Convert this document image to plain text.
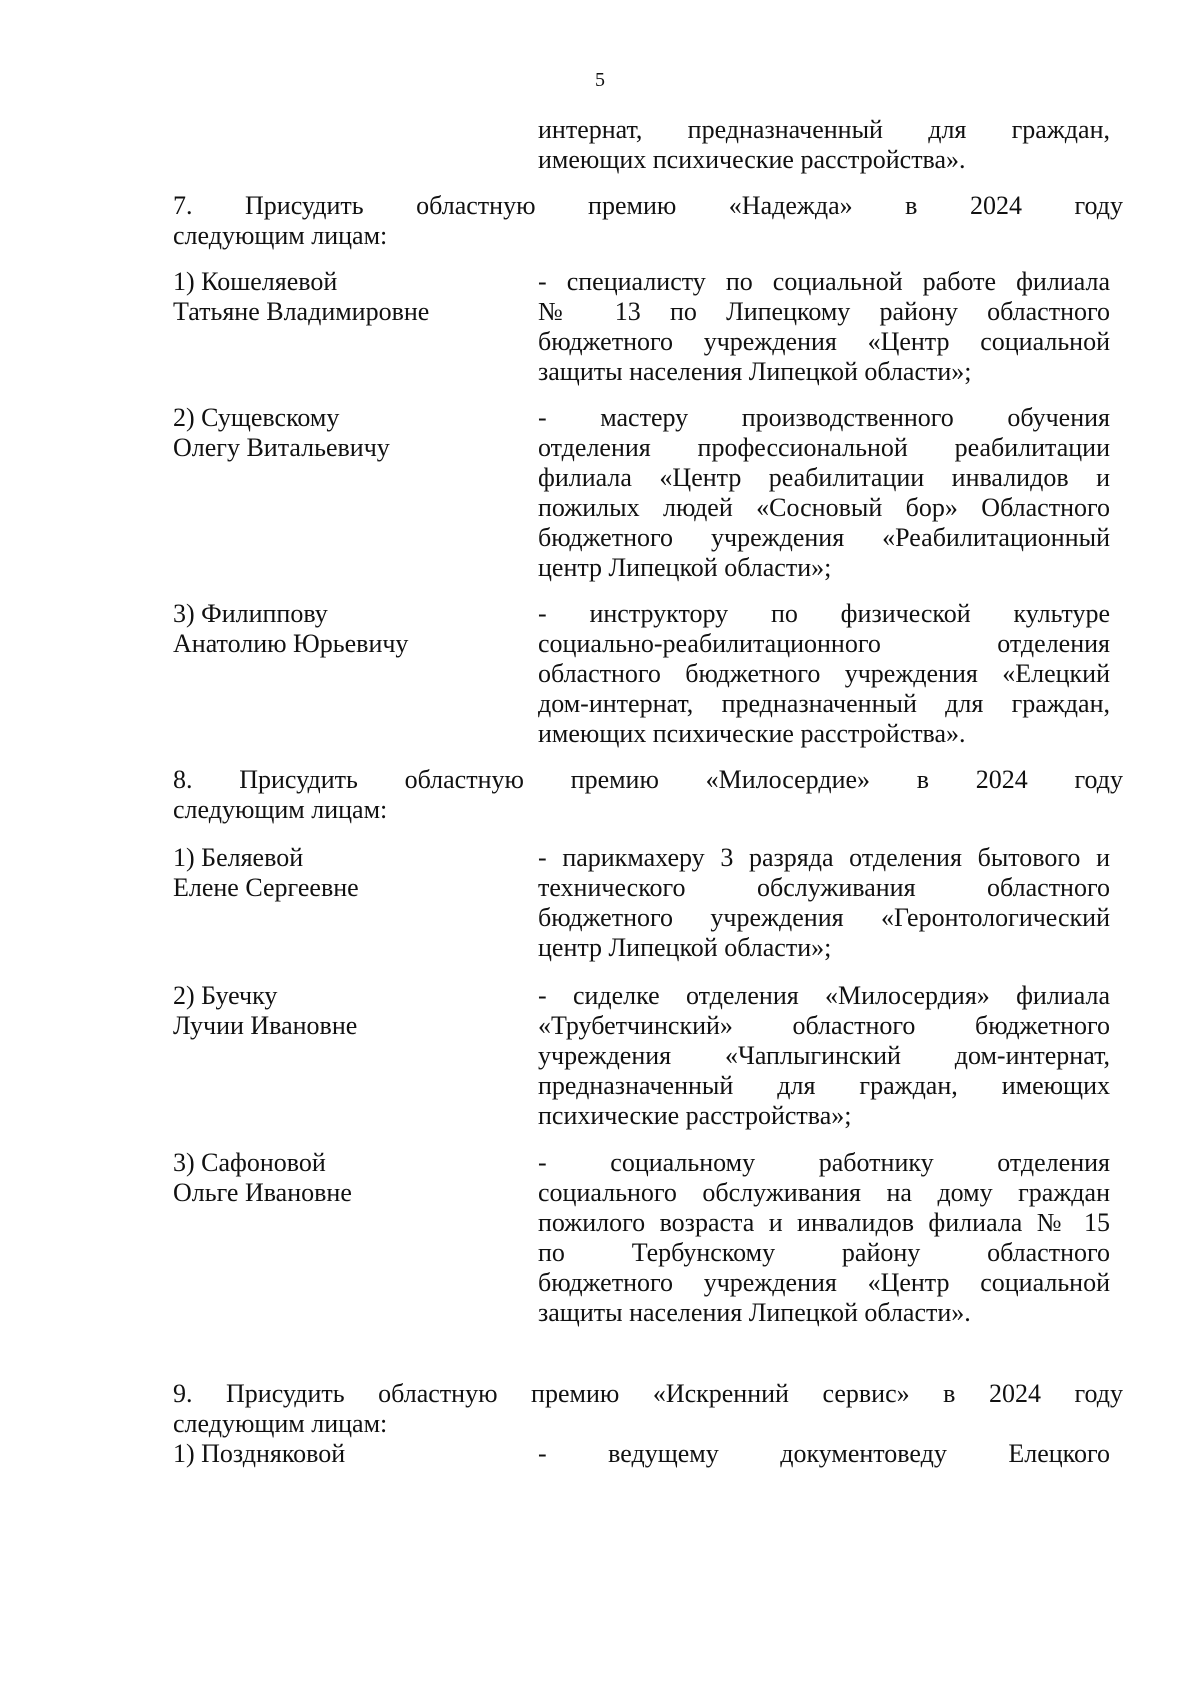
5
интернат, предназначенный для граждан,
имеющих психические расстройства».
7. Присудить областную премию «Надежда» в 2024 году
следующим лицам:
1) Кошеляевой
Татьяне Владимировне
- специалисту по социальной работе филиала
№ 13 по Липецкому району областного
бюджетного учреждения «Центр социальной
защиты населения Липецкой области»;
2) Сущевскому
Олегу Витальевичу
- мастеру производственного обучения
отделения профессиональной реабилитации
филиала «Центр реабилитации инвалидов и
пожилых людей «Сосновый бор» Областного
бюджетного учреждения «Реабилитационный
центр Липецкой области»;
3) Филиппову
Анатолию Юрьевичу
- инструктору по физической культуре
социально-реабилитационного отделения
областного бюджетного учреждения «Елецкий
дом-интернат, предназначенный для граждан,
имеющих психические расстройства».
8. Присудить областную премию «Милосердие» в 2024 году
следующим лицам:
1) Беляевой
Елене Сергеевне
- парикмахеру 3 разряда отделения бытового и
технического обслуживания областного
бюджетного учреждения «Геронтологический
центр Липецкой области»;
2) Буечку
Лучии Ивановне
- сиделке отделения «Милосердия» филиала
«Трубетчинский» областного бюджетного
учреждения «Чаплыгинский дом-интернат,
предназначенный для граждан, имеющих
психические расстройства»;
3) Сафоновой
Ольге Ивановне
- социальному работнику отделения
социального обслуживания на дому граждан
пожилого возраста и инвалидов филиала № 15
по Тербунскому району областного
бюджетного учреждения «Центр социальной
защиты населения Липецкой области».
9. Присудить областную премию «Искренний сервис» в 2024 году
следующим лицам:
1) Поздняковой	- ведущему документоведу Елецкого
